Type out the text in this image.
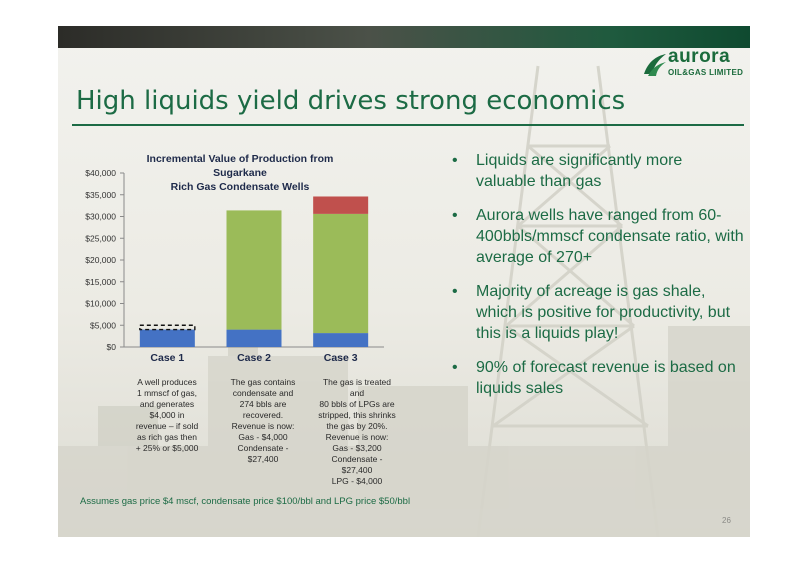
aurora
OIL&GAS LIMITED
High liquids yield drives strong economics
Incremental Value of Production from Sugarkane
Rich Gas Condensate Wells
$0
$5,000
$10,000
$15,000
$20,000
$25,000
$30,000
$35,000
$40,000
Case 1	Case 2	Case 3
A well produces
1 mmscf of gas,
and generates
$4,000 in
revenue – if sold
as rich gas then
+ 25% or $5,000
The gas contains
condensate and
274 bbls are
recovered.
Revenue is now:
Gas - $4,000
Condensate -
$27,400
The gas is treated and
80 bbls of LPGs are
stripped, this shrinks
the gas by 20%.
Revenue is now:
Gas - $3,200
Condensate - $27,400
LPG - $4,000
• Liquids are significantly more valuable than gas
• Aurora wells have ranged from 60-400bbls/mmscf condensate ratio, with average of 270+
• Majority of acreage is gas shale, which is positive for productivity, but this is a liquids play!
• 90% of forecast revenue is based on liquids sales
Assumes gas price $4 mscf, condensate price $100/bbl and LPG price $50/bbl
26
